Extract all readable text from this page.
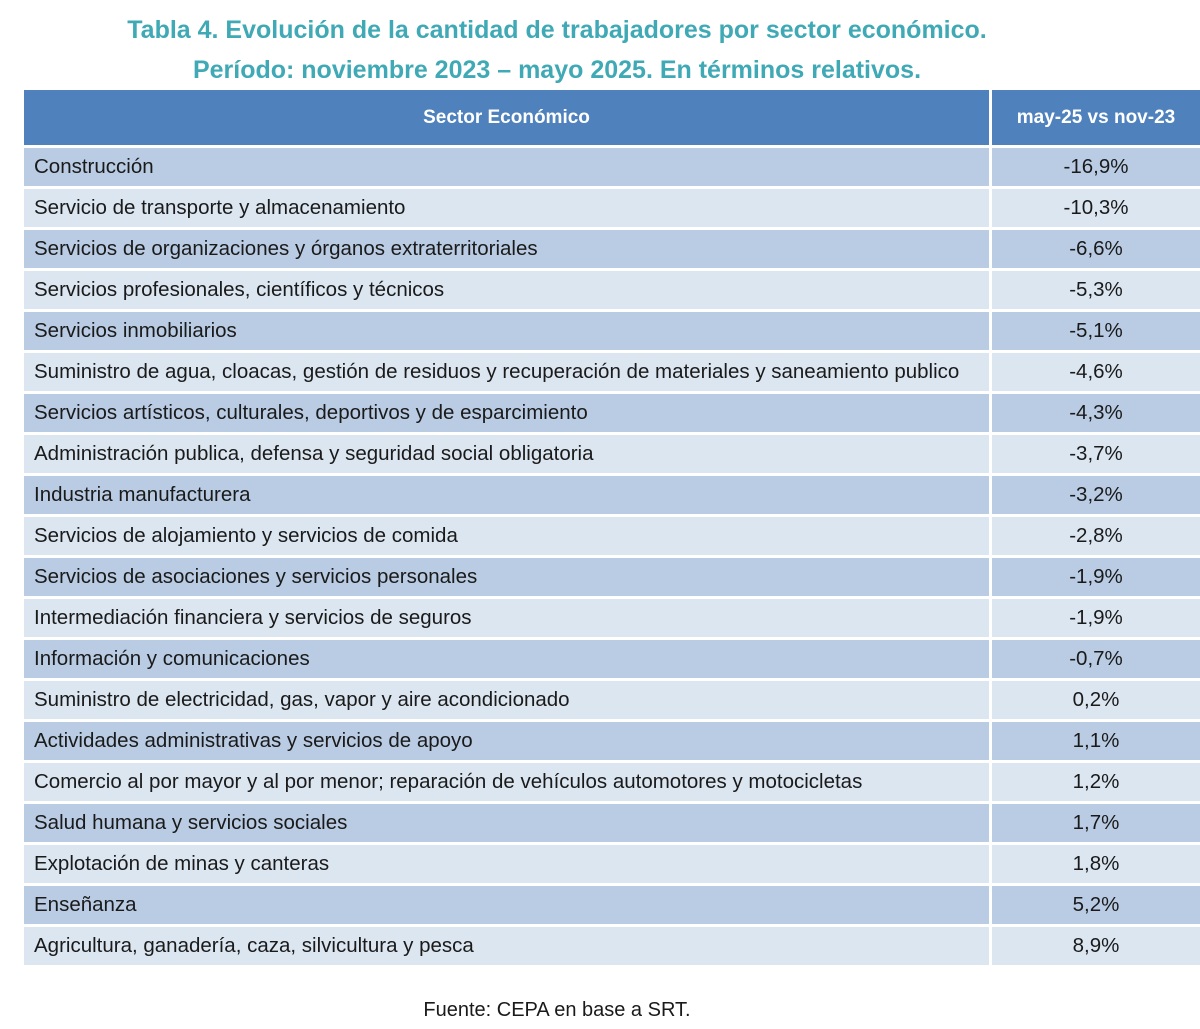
Tabla 4. Evolución de la cantidad de trabajadores por sector económico.
Período: noviembre 2023 – mayo 2025. En términos relativos.
Sector Económico	may-25 vs nov-23
Construcción	-16,9%
Servicio de transporte y almacenamiento	-10,3%
Servicios de organizaciones y órganos extraterritoriales	-6,6%
Servicios profesionales, científicos y técnicos	-5,3%
Servicios inmobiliarios	-5,1%
Suministro de agua, cloacas, gestión de residuos y recuperación de materiales y saneamiento publico	-4,6%
Servicios artísticos, culturales, deportivos y de esparcimiento	-4,3%
Administración publica, defensa y seguridad social obligatoria	-3,7%
Industria manufacturera	-3,2%
Servicios de alojamiento y servicios de comida	-2,8%
Servicios de asociaciones y servicios personales	-1,9%
Intermediación financiera y servicios de seguros	-1,9%
Información y comunicaciones	-0,7%
Suministro de electricidad, gas, vapor y aire acondicionado	0,2%
Actividades administrativas y servicios de apoyo	1,1%
Comercio al por mayor y al por menor; reparación de vehículos automotores y motocicletas	1,2%
Salud humana y servicios sociales	1,7%
Explotación de minas y canteras	1,8%
Enseñanza	5,2%
Agricultura, ganadería, caza, silvicultura y pesca	8,9%
Fuente: CEPA en base a SRT.
